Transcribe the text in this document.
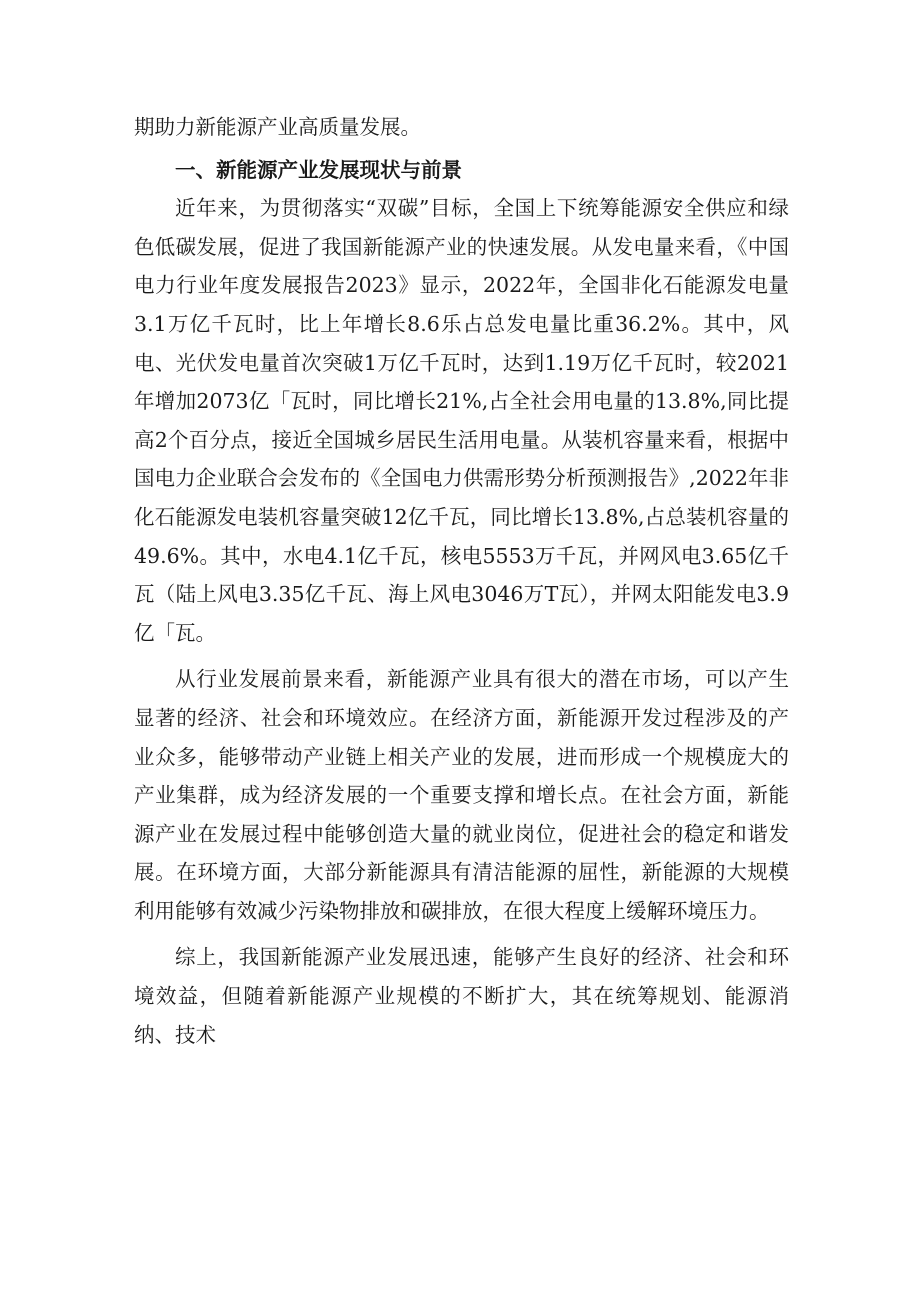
期助力新能源产业高质量发展。

一、新能源产业发展现状与前景

近年来，为贯彻落实“双碳”目标，全国上下统筹能源安全供应和绿色低碳发展，促进了我国新能源产业的快速发展。从发电量来看，《中国电力行业年度发展报告2023》显示，2022年，全国非化石能源发电量3.1万亿千瓦时，比上年增长8.6乐占总发电量比重36.2%。其中，风电、光伏发电量首次突破1万亿千瓦时，达到1.19万亿千瓦时，较2021年增加2073亿「瓦时，同比增长21%,占全社会用电量的13.8%,同比提高2个百分点，接近全国城乡居民生活用电量。从装机容量来看，根据中国电力企业联合会发布的《全国电力供需形势分析预测报告》,2022年非化石能源发电装机容量突破12亿千瓦，同比增长13.8%,占总装机容量的49.6%。其中，水电4.1亿千瓦，核电5553万千瓦，并网风电3.65亿千瓦（陆上风电3.35亿千瓦、海上风电3046万T瓦），并网太阳能发电3.9亿「瓦。

从行业发展前景来看，新能源产业具有很大的潜在市场，可以产生显著的经济、社会和环境效应。在经济方面，新能源开发过程涉及的产业众多，能够带动产业链上相关产业的发展，进而形成一个规模庞大的产业集群，成为经济发展的一个重要支撑和增长点。在社会方面，新能源产业在发展过程中能够创造大量的就业岗位，促进社会的稳定和谐发展。在环境方面，大部分新能源具有清洁能源的屈性，新能源的大规模利用能够有效减少污染物排放和碳排放，在很大程度上缓解环境压力。

综上，我国新能源产业发展迅速，能够产生良好的经济、社会和环境效益，但随着新能源产业规模的不断扩大，其在统筹规划、能源消纳、技术
